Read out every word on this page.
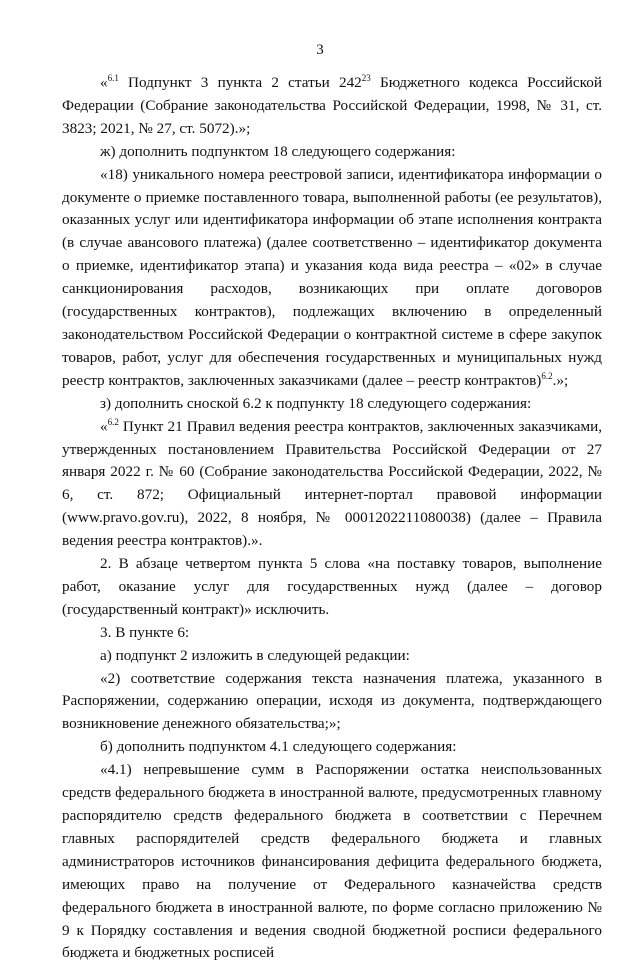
3

«$^{6.1}$ Подпункт 3 пункта 2 статьи $242^{23}$ Бюджетного кодекса Российской Федерации (Собрание законодательства Российской Федерации, 1998, № 31, ст. 3823; 2021, № 27, ст. 5072).»;

ж) дополнить подпунктом 18 следующего содержания:

«18) уникального номера реестровой записи, идентификатора информации о документе о приемке поставленного товара, выполненной работы (ее результатов), оказанных услуг или идентификатора информации об этапе исполнения контракта (в случае авансового платежа) (далее соответственно – идентификатор документа о приемке, идентификатор этапа) и указания кода вида реестра – «02» в случае санкционирования расходов, возникающих при оплате договоров (государственных контрактов), подлежащих включению в определенный законодательством Российской Федерации о контрактной системе в сфере закупок товаров, работ, услуг для обеспечения государственных и муниципальных нужд реестр контрактов, заключенных заказчиками (далее – реестр контрактов)$^{6.2}$.»;

з) дополнить сноской 6.2 к подпункту 18 следующего содержания:

«$^{6.2}$ Пункт 21 Правил ведения реестра контрактов, заключенных заказчиками, утвержденных постановлением Правительства Российской Федерации от 27 января 2022 г. № 60 (Собрание законодательства Российской Федерации, 2022, № 6, ст. 872; Официальный интернет-портал правовой информации (www.pravo.gov.ru), 2022, 8 ноября, № 0001202211080038) (далее – Правила ведения реестра контрактов).».

2. В абзаце четвертом пункта 5 слова «на поставку товаров, выполнение работ, оказание услуг для государственных нужд (далее – договор (государственный контракт)» исключить.

3. В пункте 6:

а) подпункт 2 изложить в следующей редакции:

«2) соответствие содержания текста назначения платежа, указанного в Распоряжении, содержанию операции, исходя из документа, подтверждающего возникновение денежного обязательства;»;

б) дополнить подпунктом 4.1 следующего содержания:

«4.1) непревышение сумм в Распоряжении остатка неиспользованных средств федерального бюджета в иностранной валюте, предусмотренных главному распорядителю средств федерального бюджета в соответствии с Перечнем главных распорядителей средств федерального бюджета и главных администраторов источников финансирования дефицита федерального бюджета, имеющих право на получение от Федерального казначейства средств федерального бюджета в иностранной валюте, по форме согласно приложению № 9 к Порядку составления и ведения сводной бюджетной росписи федерального бюджета и бюджетных росписей
